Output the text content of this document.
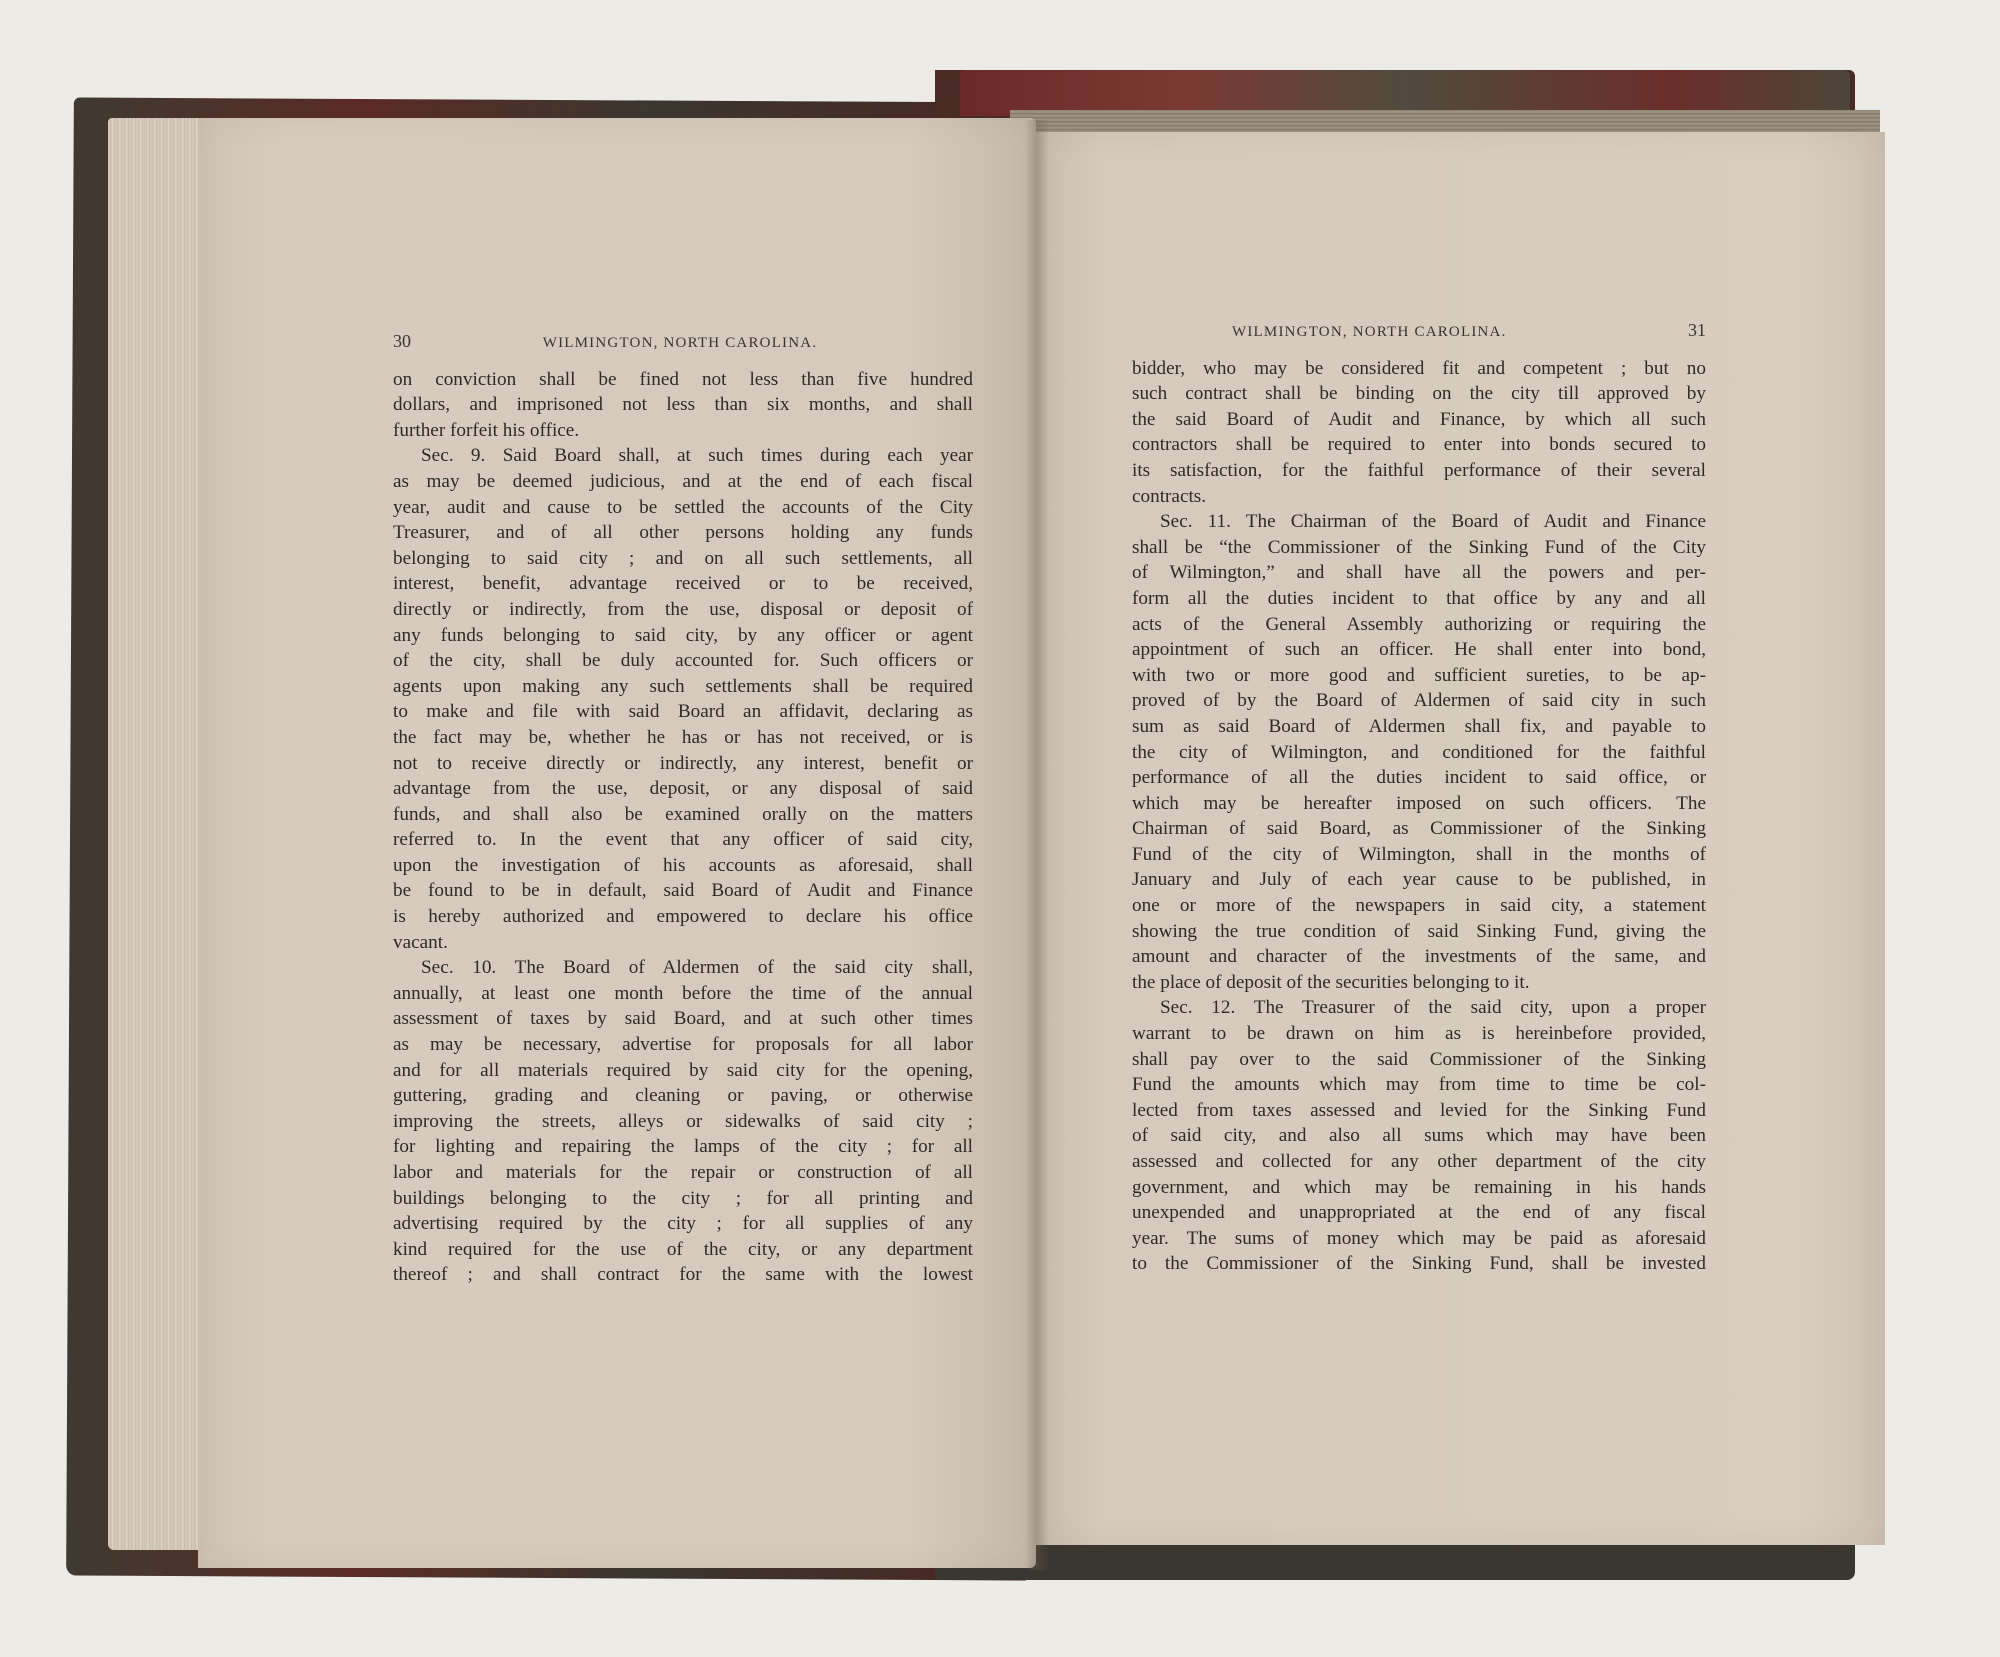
30	WILMINGTON, NORTH CAROLINA.
on conviction shall be fined not less than five hundred
dollars, and imprisoned not less than six months, and shall
further forfeit his office.
Sec. 9. Said Board shall, at such times during each year
as may be deemed judicious, and at the end of each fiscal
year, audit and cause to be settled the accounts of the City
Treasurer, and of all other persons holding any funds
belonging to said city ; and on all such settlements, all
interest, benefit, advantage received or to be received,
directly or indirectly, from the use, disposal or deposit of
any funds belonging to said city, by any officer or agent
of the city, shall be duly accounted for. Such officers or
agents upon making any such settlements shall be required
to make and file with said Board an affidavit, declaring as
the fact may be, whether he has or has not received, or is
not to receive directly or indirectly, any interest, benefit or
advantage from the use, deposit, or any disposal of said
funds, and shall also be examined orally on the matters
referred to. In the event that any officer of said city,
upon the investigation of his accounts as aforesaid, shall
be found to be in default, said Board of Audit and Finance
is hereby authorized and empowered to declare his office
vacant.
Sec. 10. The Board of Aldermen of the said city shall,
annually, at least one month before the time of the annual
assessment of taxes by said Board, and at such other times
as may be necessary, advertise for proposals for all labor
and for all materials required by said city for the opening,
guttering, grading and cleaning or paving, or otherwise
improving the streets, alleys or sidewalks of said city ;
for lighting and repairing the lamps of the city ; for all
labor and materials for the repair or construction of all
buildings belonging to the city ; for all printing and
advertising required by the city ; for all supplies of any
kind required for the use of the city, or any department
thereof ; and shall contract for the same with the lowest
WILMINGTON, NORTH CAROLINA.	31
bidder, who may be considered fit and competent ; but no
such contract shall be binding on the city till approved by
the said Board of Audit and Finance, by which all such
contractors shall be required to enter into bonds secured to
its satisfaction, for the faithful performance of their several
contracts.
Sec. 11. The Chairman of the Board of Audit and Finance
shall be “the Commissioner of the Sinking Fund of the City
of Wilmington,” and shall have all the powers and per-
form all the duties incident to that office by any and all
acts of the General Assembly authorizing or requiring the
appointment of such an officer. He shall enter into bond,
with two or more good and sufficient sureties, to be ap-
proved of by the Board of Aldermen of said city in such
sum as said Board of Aldermen shall fix, and payable to
the city of Wilmington, and conditioned for the faithful
performance of all the duties incident to said office, or
which may be hereafter imposed on such officers. The
Chairman of said Board, as Commissioner of the Sinking
Fund of the city of Wilmington, shall in the months of
January and July of each year cause to be published, in
one or more of the newspapers in said city, a statement
showing the true condition of said Sinking Fund, giving the
amount and character of the investments of the same, and
the place of deposit of the securities belonging to it.
Sec. 12. The Treasurer of the said city, upon a proper
warrant to be drawn on him as is hereinbefore provided,
shall pay over to the said Commissioner of the Sinking
Fund the amounts which may from time to time be col-
lected from taxes assessed and levied for the Sinking Fund
of said city, and also all sums which may have been
assessed and collected for any other department of the city
government, and which may be remaining in his hands
unexpended and unappropriated at the end of any fiscal
year. The sums of money which may be paid as aforesaid
to the Commissioner of the Sinking Fund, shall be invested
